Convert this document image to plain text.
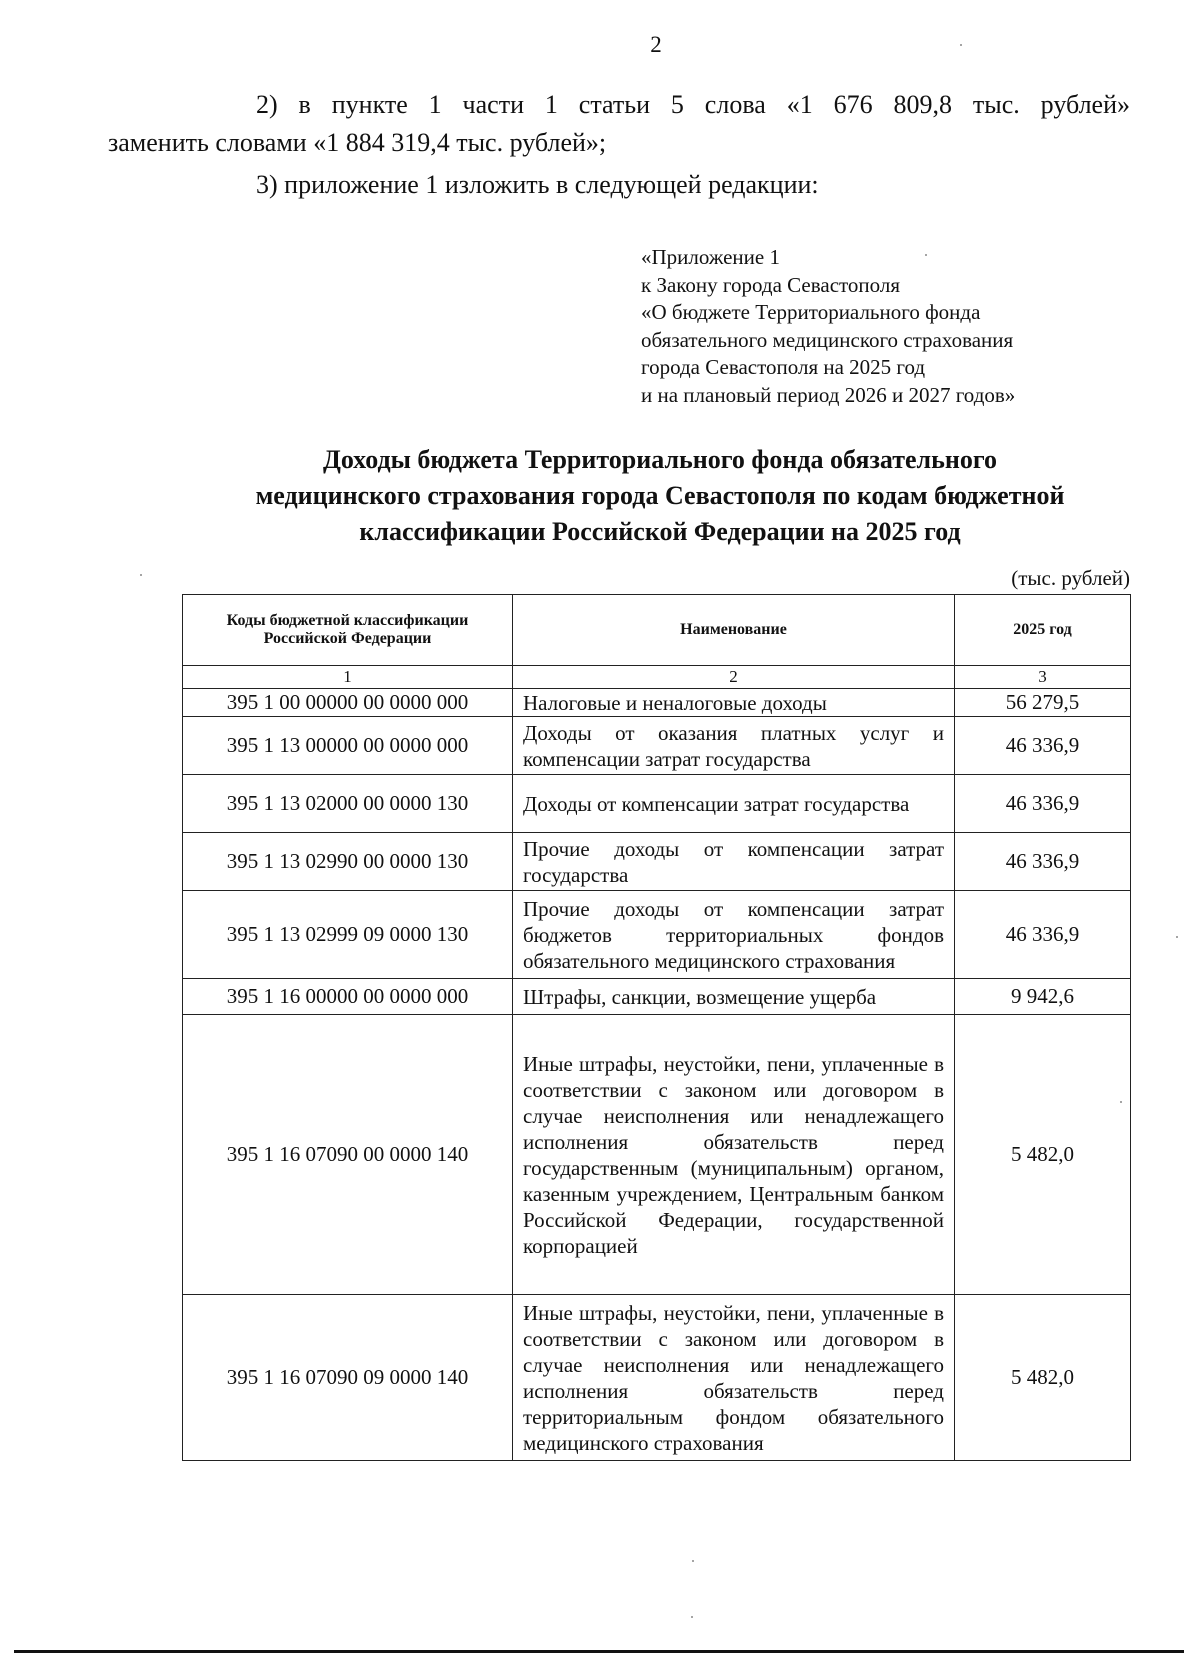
2
2) в пункте 1 части 1 статьи 5 слова «1 676 809,8 тыс. рублей»
заменить словами «1 884 319,4 тыс. рублей»;
3) приложение 1 изложить в следующей редакции:
«Приложение 1
к Закону города Севастополя
«О бюджете Территориального фонда
обязательного медицинского страхования
города Севастополя на 2025 год
и на плановый период 2026 и 2027 годов»
Доходы бюджета Территориального фонда обязательного
медицинского страхования города Севастополя по кодам бюджетной
классификации Российской Федерации на 2025 год
(тыс. рублей)
Коды бюджетной классификации Российской Федерации	Наименование	2025 год
1	2	3
395 1 00 00000 00 0000 000	Налоговые и неналоговые доходы	56 279,5
395 1 13 00000 00 0000 000	Доходы от оказания платных услуг и компенсации затрат государства	46 336,9
395 1 13 02000 00 0000 130	Доходы от компенсации затрат государства	46 336,9
395 1 13 02990 00 0000 130	Прочие доходы от компенсации затрат государства	46 336,9
395 1 13 02999 09 0000 130	Прочие доходы от компенсации затрат бюджетов территориальных фондов обязательного медицинского страхования	46 336,9
395 1 16 00000 00 0000 000	Штрафы, санкции, возмещение ущерба	9 942,6
395 1 16 07090 00 0000 140	Иные штрафы, неустойки, пени, уплаченные в соответствии с законом или договором в случае неисполнения или ненадлежащего исполнения обязательств перед государственным (муниципальным) органом, казенным учреждением, Центральным банком Российской Федерации, государственной корпорацией	5 482,0
395 1 16 07090 09 0000 140	Иные штрафы, неустойки, пени, уплаченные в соответствии с законом или договором в случае неисполнения или ненадлежащего исполнения обязательств перед территориальным фондом обязательного медицинского страхования	5 482,0
